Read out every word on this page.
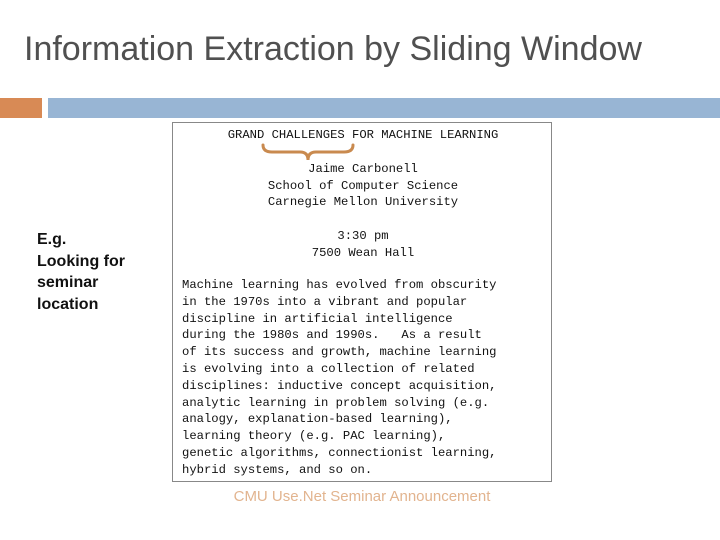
Information Extraction by Sliding Window
E.g.
Looking for
seminar
location
GRAND CHALLENGES FOR MACHINE LEARNING
Jaime Carbonell
School of Computer Science
Carnegie Mellon University
3:30 pm
7500 Wean Hall
Machine learning has evolved from obscurity
in the 1970s into a vibrant and popular
discipline in artificial intelligence
during the 1980s and 1990s.   As a result
of its success and growth, machine learning
is evolving into a collection of related
disciplines: inductive concept acquisition,
analytic learning in problem solving (e.g.
analogy, explanation-based learning),
learning theory (e.g. PAC learning),
genetic algorithms, connectionist learning,
hybrid systems, and so on.
CMU Use.Net Seminar Announcement
